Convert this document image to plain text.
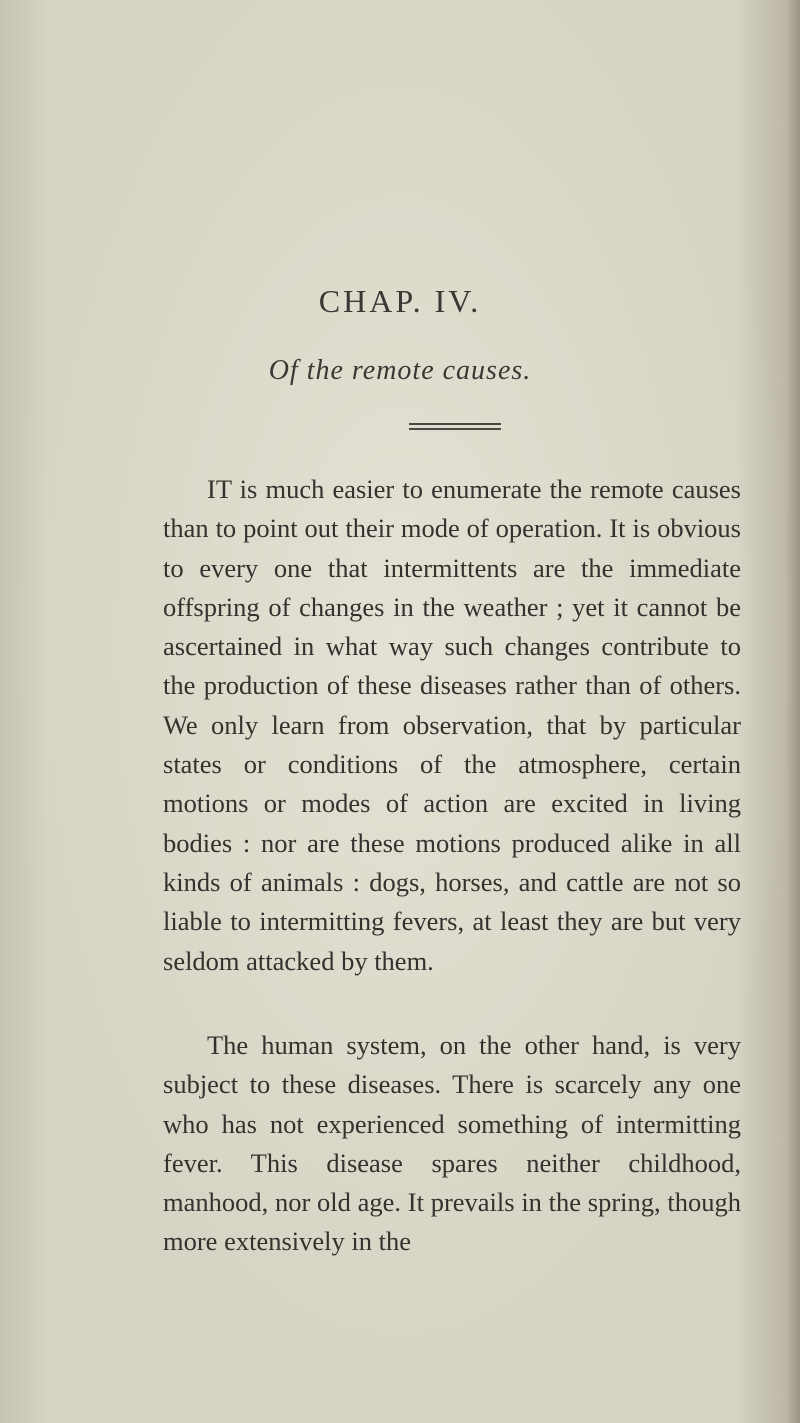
CHAP. IV.
Of the remote causes.

IT is much easier to enumerate the remote causes than to point out their mode of operation. It is obvious to every one that intermittents are the immediate offspring of changes in the weather ; yet it cannot be ascertained in what way such changes contribute to the production of these diseases rather than of others. We only learn from observation, that by particular states or conditions of the atmosphere, certain motions or modes of action are excited in living bodies : nor are these motions produced alike in all kinds of animals : dogs, horses, and cattle are not so liable to intermitting fevers, at least they are but very seldom attacked by them.

The human system, on the other hand, is very subject to these diseases. There is scarcely any one who has not experienced something of intermitting fever. This disease spares neither childhood, manhood, nor old age. It prevails in the spring, though more extensively in the
